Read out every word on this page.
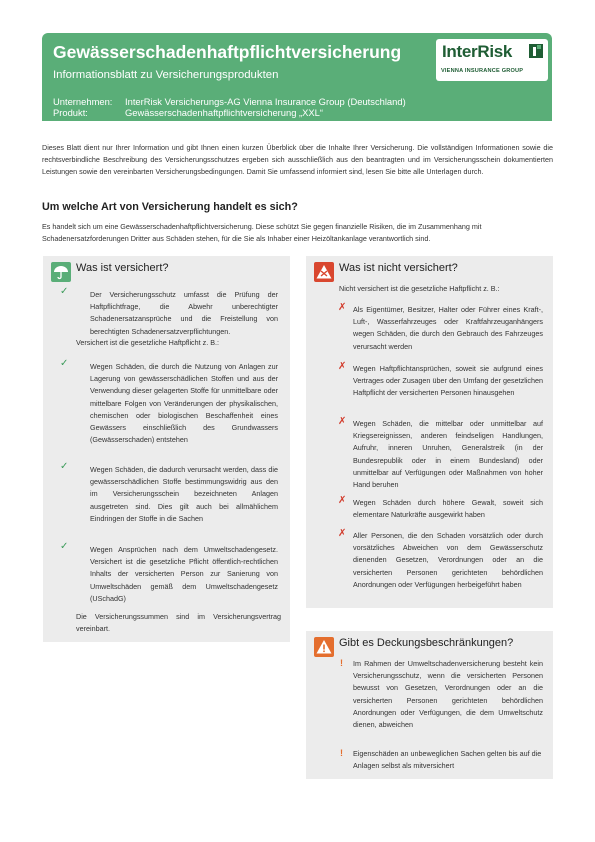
Gewässerschadenhaftpflichtversicherung
Informationsblatt zu Versicherungsprodukten
Unternehmen: InterRisk Versicherungs-AG Vienna Insurance Group (Deutschland)
Produkt:	Gewässerschadenhaftpflichtversicherung „XXL“
InterRisk
VIENNA INSURANCE GROUP
Dieses Blatt dient nur Ihrer Information und gibt Ihnen einen kurzen Überblick über die Inhalte Ihrer Versicherung. Die vollständigen Informationen sowie die rechtsverbindliche Beschreibung des Versicherungsschutzes ergeben sich ausschließlich aus den beantragten und im Versicherungsschein dokumentierten Leistungen sowie den vereinbarten Versicherungsbedingungen. Damit Sie umfassend informiert sind, lesen Sie bitte alle Unterlagen durch.
Um welche Art von Versicherung handelt es sich?
Es handelt sich um eine Gewässerschadenhaftpflichtversicherung. Diese schützt Sie gegen finanzielle Risiken, die im Zusammenhang mit Schadenersatzforderungen Dritter aus Schäden stehen, für die Sie als Inhaber einer Heizöltankanlage verantwortlich sind.
Was ist versichert?
✓	Der Versicherungsschutz umfasst die Prüfung der Haftpflichtfrage, die Abwehr unberechtigter Schadenersatzansprüche und die Freistellung von berechtigten Schadenersatzverpflichtungen.
Versichert ist die gesetzliche Haftpflicht z. B.:
✓	Wegen Schäden, die durch die Nutzung von Anlagen zur Lagerung von gewässerschädlichen Stoffen und aus der Verwendung dieser gelagerten Stoffe für unmittelbare oder mittelbare Folgen von Veränderungen der physikalischen, chemischen oder biologischen Beschaffenheit eines Gewässers einschließlich des Grundwassers (Gewässerschaden) entstehen
✓	Wegen Schäden, die dadurch verursacht werden, dass die gewässerschädlichen Stoffe bestimmungswidrig aus den im Versicherungsschein bezeichneten Anlagen ausgetreten sind. Dies gilt auch bei allmählichem Eindringen der Stoffe in die Sachen
✓	Wegen Ansprüchen nach dem Umweltschadengesetz. Versichert ist die gesetzliche Pflicht öffentlich-rechtlichen Inhalts der versicherten Person zur Sanierung von Umweltschäden gemäß dem Umweltschadengesetz (USchadG)
Die Versicherungssummen sind im Versicherungsvertrag vereinbart.
Was ist nicht versichert?
Nicht versichert ist die gesetzliche Haftpflicht z. B.:
✗ Als Eigentümer, Besitzer, Halter oder Führer eines Kraft-, Luft-, Wasserfahrzeuges oder Kraftfahrzeuganhängers wegen Schäden, die durch den Gebrauch des Fahrzeuges verursacht werden
✗ Wegen Haftpflichtansprüchen, soweit sie aufgrund eines Vertrages oder Zusagen über den Umfang der gesetzlichen Haftpflicht der versicherten Personen hinausgehen
✗ Wegen Schäden, die mittelbar oder unmittelbar auf Kriegsereignissen, anderen feindseligen Handlungen, Aufruhr, inneren Unruhen, Generalstreik (in der Bundesrepublik oder in einem Bundesland) oder unmittelbar auf Verfügungen oder Maßnahmen von hoher Hand beruhen
✗ Wegen Schäden durch höhere Gewalt, soweit sich elementare Naturkräfte ausgewirkt haben
✗ Aller Personen, die den Schaden vorsätzlich oder durch vorsätzliches Abweichen von dem Gewässerschutz dienenden Gesetzen, Verordnungen oder an die versicherten Personen gerichteten behördlichen Anordnungen oder Verfügungen herbeigeführt haben
Gibt es Deckungsbeschränkungen?
! Im Rahmen der Umweltschadenversicherung besteht kein Versicherungsschutz, wenn die versicherten Personen bewusst von Gesetzen, Verordnungen oder an die versicherten Personen gerichteten behördlichen Anordnungen oder Verfügungen, die dem Umweltschutz dienen, abweichen
! Eigenschäden an unbeweglichen Sachen gelten bis auf die Anlagen selbst als mitversichert
